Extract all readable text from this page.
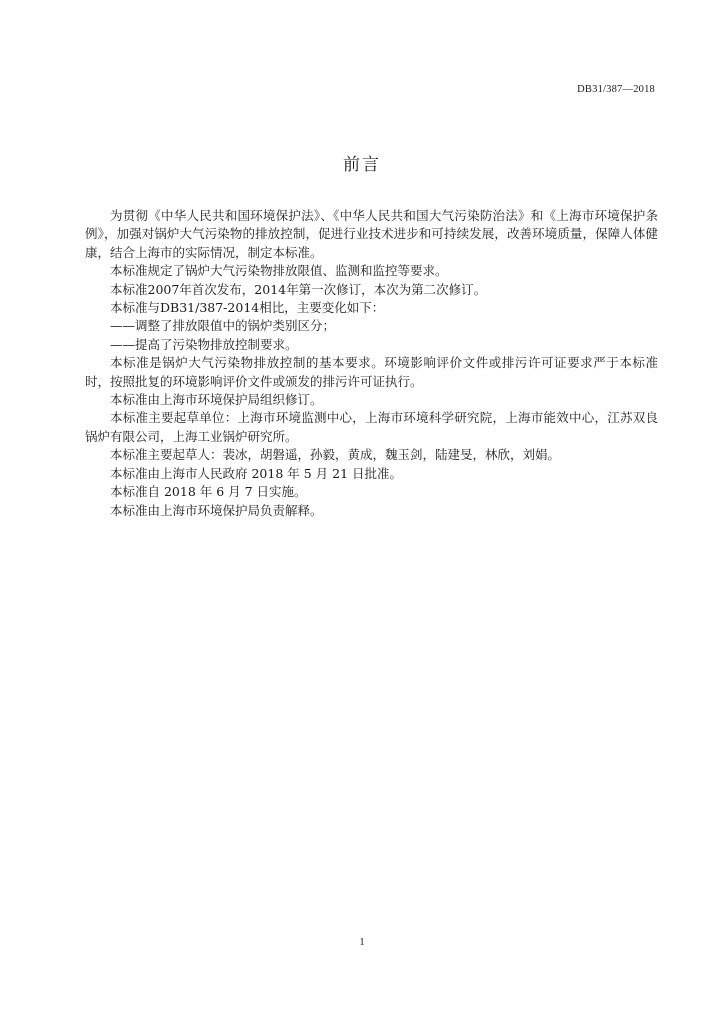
DB31/387—2018
前言

为贯彻《中华人民共和国环境保护法》、《中华人民共和国大气污染防治法》和《上海市环境保护条例》，加强对锅炉大气污染物的排放控制，促进行业技术进步和可持续发展，改善环境质量，保障人体健康，结合上海市的实际情况，制定本标准。

本标准规定了锅炉大气污染物排放限值、监测和监控等要求。

本标准2007年首次发布，2014年第一次修订，本次为第二次修订。

本标准与DB31/387-2014相比，主要变化如下：

——调整了排放限值中的锅炉类别区分；

——提高了污染物排放控制要求。

本标准是锅炉大气污染物排放控制的基本要求。环境影响评价文件或排污许可证要求严于本标准时，按照批复的环境影响评价文件或颁发的排污许可证执行。

本标准由上海市环境保护局组织修订。

本标准主要起草单位：上海市环境监测中心，上海市环境科学研究院，上海市能效中心，江苏双良锅炉有限公司，上海工业锅炉研究所。

本标准主要起草人：裴冰，胡磐遥，孙毅，黄成，魏玉剑，陆建旻，林欣，刘娟。

本标准由上海市人民政府 2018 年 5 月 21 日批准。

本标准自 2018 年 6 月 7 日实施。

本标准由上海市环境保护局负责解释。

1
